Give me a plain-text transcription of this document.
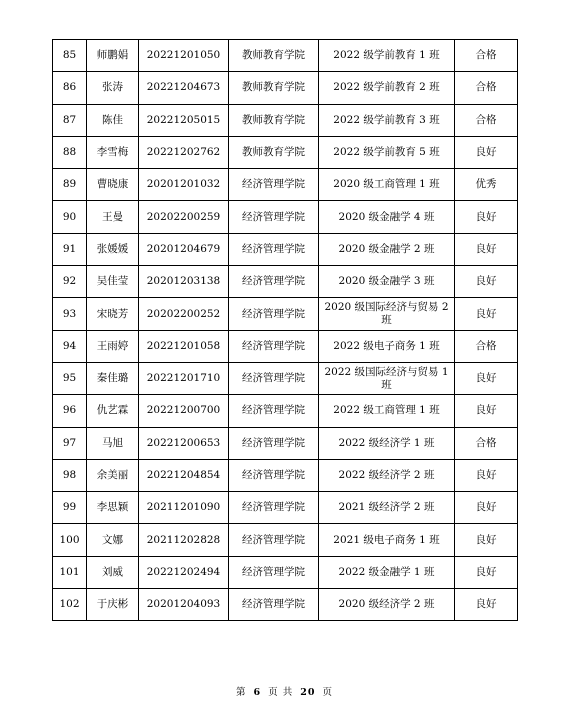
85	师鹏娟	20221201050	教师教育学院	2022 级学前教育 1 班	合格
86	张涛	20221204673	教师教育学院	2022 级学前教育 2 班	合格
87	陈佳	20221205015	教师教育学院	2022 级学前教育 3 班	合格
88	李雪梅	20221202762	教师教育学院	2022 级学前教育 5 班	良好
89	曹晓康	20201201032	经济管理学院	2020 级工商管理 1 班	优秀
90	王曼	20202200259	经济管理学院	2020 级金融学 4 班	良好
91	张媛媛	20201204679	经济管理学院	2020 级金融学 2 班	良好
92	吴佳莹	20201203138	经济管理学院	2020 级金融学 3 班	良好
93	宋晓芳	20202200252	经济管理学院	2020 级国际经济与贸易 2 班	良好
94	王雨婷	20221201058	经济管理学院	2022 级电子商务 1 班	合格
95	秦佳璐	20221201710	经济管理学院	2022 级国际经济与贸易 1 班	良好
96	仇艺霖	20221200700	经济管理学院	2022 级工商管理 1 班	良好
97	马旭	20221200653	经济管理学院	2022 级经济学 1 班	合格
98	余美丽	20221204854	经济管理学院	2022 级经济学 2 班	良好
99	李思颖	20211201090	经济管理学院	2021 级经济学 2 班	良好
100	文娜	20211202828	经济管理学院	2021 级电子商务 1 班	良好
101	刘威	20221202494	经济管理学院	2022 级金融学 1 班	良好
102	于庆彬	20201204093	经济管理学院	2020 级经济学 2 班	良好
第 6 页 共 20 页
